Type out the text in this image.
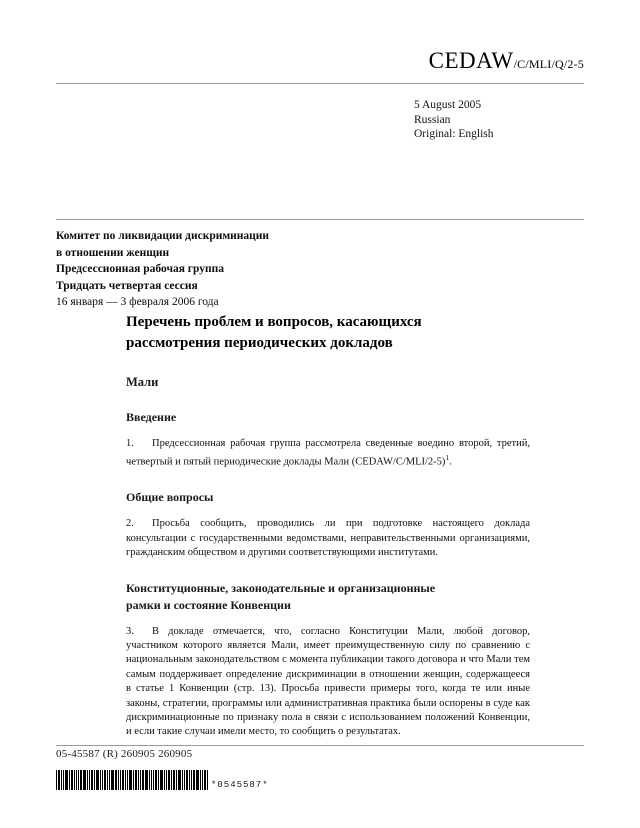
CEDAW/C/MLI/Q/2-5
5 August 2005
Russian
Original: English
Комитет по ликвидации дискриминации
в отношении женщин
Предсессионная рабочая группа
Тридцать четвертая сессия
16 января — 3 февраля 2006 года
Перечень проблем и вопросов, касающихся
рассмотрения периодических докладов
Мали
Введение

1. Предсессионная рабочая группа рассмотрела сведенные воедино второй, третий, четвертый и пятый периодические доклады Мали (CEDAW/C/MLI/2-5)$^1$.

Общие вопросы

2. Просьба сообщить, проводились ли при подготовке настоящего доклада консультации с государственными ведомствами, неправительственными организациями, гражданским обществом и другими соответствующими институтами.

Конституционные, законодательные и организационные
рамки и состояние Конвенции

3. В докладе отмечается, что, согласно Конституции Мали, любой договор, участником которого является Мали, имеет преимущественную силу по сравнению с национальным законодательством с момента публикации такого договора и что Мали тем самым поддерживает определение дискриминации в отношении женщин, содержащееся в статье 1 Конвенции (стр. 13). Просьба привести примеры того, когда те или иные законы, стратегии, программы или административная практика были оспорены в суде как дискриминационные по признаку пола в связи с использованием положений Конвенции, и если такие случаи имели место, то сообщить о результатах.

05-45587 (R) 260905 260905
*0545587*
